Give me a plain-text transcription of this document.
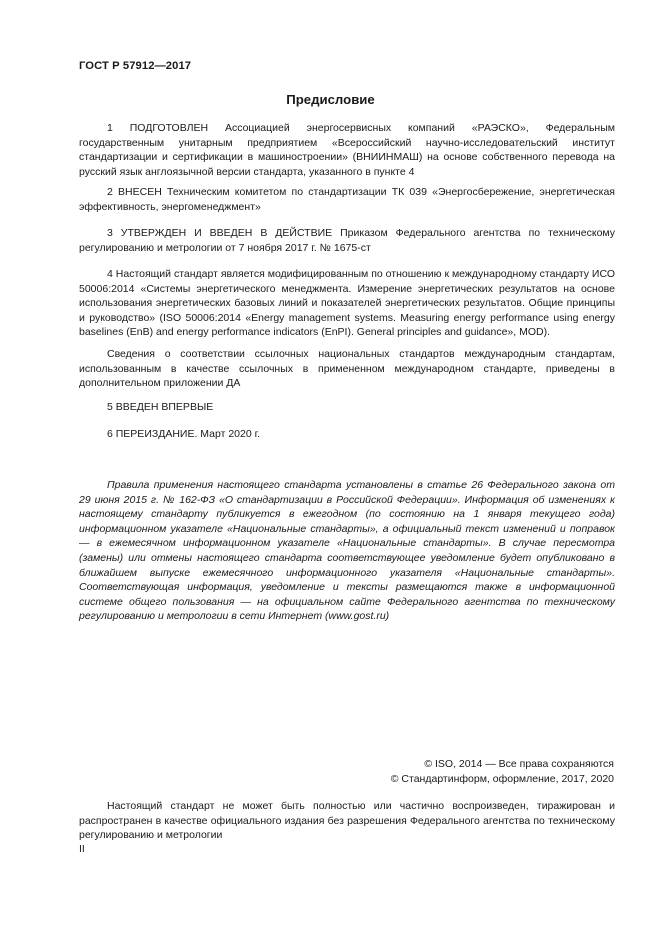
ГОСТ Р 57912—2017
Предисловие
1 ПОДГОТОВЛЕН Ассоциацией энергосервисных компаний «РАЭСКО», Федеральным государственным унитарным предприятием «Всероссийский научно-исследовательский институт стандартизации и сертификации в машиностроении» (ВНИИНМАШ) на основе собственного перевода на русский язык англоязычной версии стандарта, указанного в пункте 4
2 ВНЕСЕН Техническим комитетом по стандартизации ТК 039 «Энергосбережение, энергетическая эффективность, энергоменеджмент»
3 УТВЕРЖДЕН И ВВЕДЕН В ДЕЙСТВИЕ Приказом Федерального агентства по техническому регулированию и метрологии от 7 ноября 2017 г. № 1675-ст
4 Настоящий стандарт является модифицированным по отношению к международному стандарту ИСО 50006:2014 «Системы энергетического менеджмента. Измерение энергетических результатов на основе использования энергетических базовых линий и показателей энергетических результатов. Общие принципы и руководство» (ISO 50006:2014 «Energy management systems. Measuring energy performance using energy baselines (EnB) and energy performance indicators (EnPI). General principles and guidance», MOD).
Сведения о соответствии ссылочных национальных стандартов международным стандартам, использованным в качестве ссылочных в примененном международном стандарте, приведены в дополнительном приложении ДА
5 ВВЕДЕН ВПЕРВЫЕ
6 ПЕРЕИЗДАНИЕ. Март 2020 г.
Правила применения настоящего стандарта установлены в статье 26 Федерального закона от 29 июня 2015 г. № 162-ФЗ «О стандартизации в Российской Федерации». Информация об изменениях к настоящему стандарту публикуется в ежегодном (по состоянию на 1 января текущего года) информационном указателе «Национальные стандарты», а официальный текст изменений и поправок — в ежемесячном информационном указателе «Национальные стандарты». В случае пересмотра (замены) или отмены настоящего стандарта соответствующее уведомление будет опубликовано в ближайшем выпуске ежемесячного информационного указателя «Национальные стандарты». Соответствующая информация, уведомление и тексты размещаются также в информационной системе общего пользования — на официальном сайте Федерального агентства по техническому регулированию и метрологии в сети Интернет (www.gost.ru)
© ISO, 2014 — Все права сохраняются
© Стандартинформ, оформление, 2017, 2020
Настоящий стандарт не может быть полностью или частично воспроизведен, тиражирован и распространен в качестве официального издания без разрешения Федерального агентства по техническому регулированию и метрологии
II
